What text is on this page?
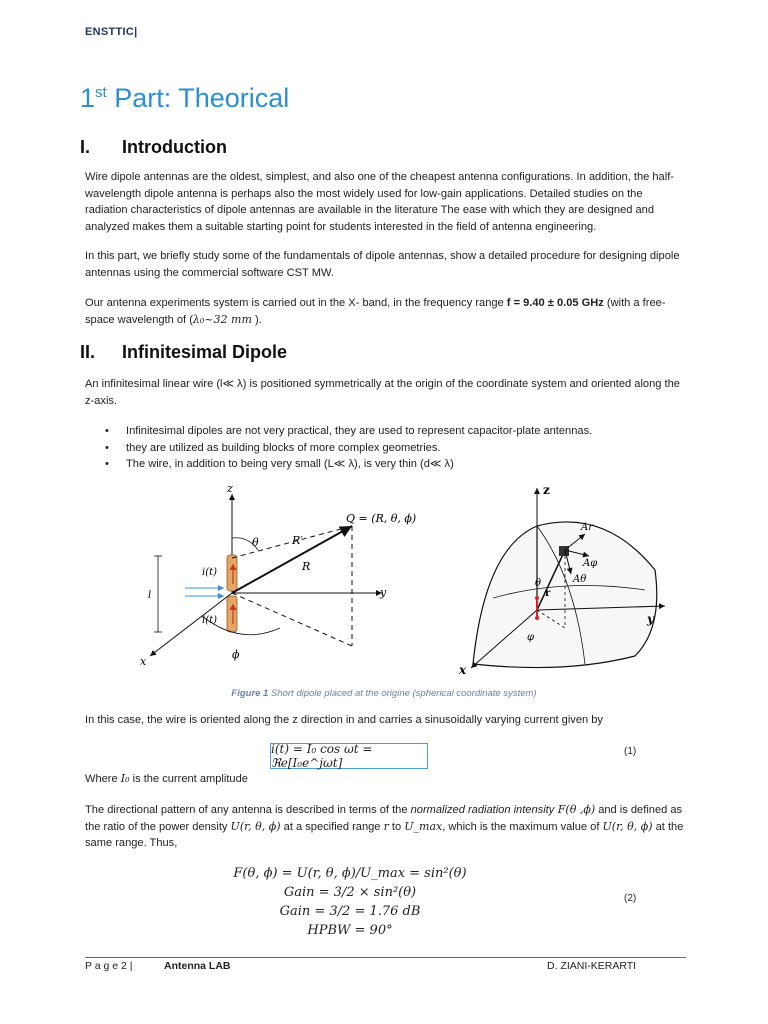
ENSTTIC|
1st Part: Theorical
I.	Introduction

Wire dipole antennas are the oldest, simplest, and also one of the cheapest antenna configurations. In addition, the half-wavelength dipole antenna is perhaps also the most widely used for low-gain applications. Detailed studies on the radiation characteristics of dipole antennas are available in the literature The ease with which they are designed and analyzed makes them a suitable starting point for students interested in the field of antenna engineering.

In this part, we briefly study some of the fundamentals of dipole antennas, show a detailed procedure for designing dipole antennas using the commercial software CST MW.

Our antenna experiments system is carried out in the X- band, in the frequency range f = 9.40 ± 0.05 GHz (with a free-space wavelength of (λ₀~32 mm ).

II.	Infinitesimal Dipole

An infinitesimal linear wire (l≪ λ) is positioned symmetrically at the origin of the coordinate system and oriented along the z-axis.

• Infinitesimal dipoles are not very practical, they are used to represent capacitor-plate antennas.
• they are utilized as building blocks of more complex geometries.
• The wire, in addition to being very small (L≪ λ), is very thin (d≪ λ)
z
y
x
i(t)
i(t)
l
θ
ϕ
R′
R
Q = (R, θ, ϕ)
z
y
x
Ar
Aφ
Aθ
θ
r
φ
Figure 1 Short dipole placed at the origine (spherical coordinate system)

In this case, the wire is oriented along the z direction in and carries a sinusoidally varying current given by

i(t) = I₀ cos ωt = ℜe[I₀e^jωt]
(1)

Where I₀ is the current amplitude

The directional pattern of any antenna is described in terms of the normalized radiation intensity F(θ ,ϕ) and is defined as the ratio of the power density U(r, θ, ϕ) at a specified range r to U_max, which is the maximum value of U(r, θ, ϕ) at the same range. Thus,

F(θ, ϕ) = U(r, θ, ϕ)/U_max = sin²(θ)
Gain = 3/2 × sin²(θ)
Gain = 3/2 = 1.76 dB
HPBW = 90°
(2)
P a g e 2 |	Antenna LAB	D. ZIANI-KERARTI
